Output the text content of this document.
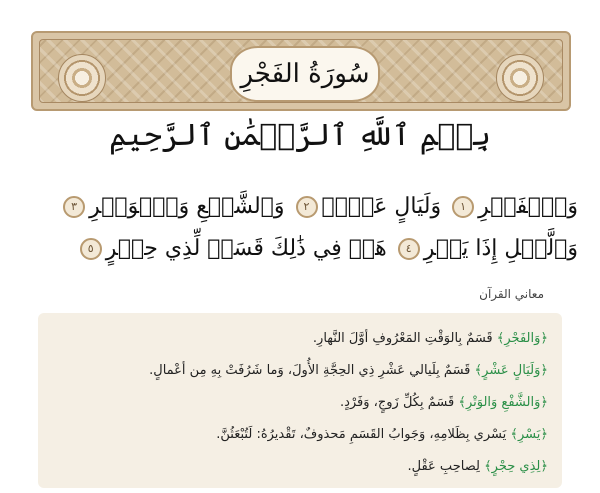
سُورَةُ الفَجْرِ
بِسۡمِ ٱللَّهِ ٱلرَّحۡمَٰنِ ٱلرَّحِيمِ
وَٱلۡفَجۡرِ١ وَلَيَالٍ عَشۡرٖ٢ وَٱلشَّفۡعِ وَٱلۡوَتۡرِ٣ وَٱلَّيۡلِ إِذَا يَسۡرِ٤ هَلۡ فِي ذَٰلِكَ قَسَمٞ لِّذِي حِجۡرٍ٥
معاني القرآن
﴿وَالفَجْرِ﴾ قَسَمٌ بِالوَقْتِ المَعْرُوفِ أوَّلَ النَّهارِ.
﴿وَلَيَالٍ عَشْرٍ﴾ قَسَمٌ بِلَيالي عَشْرِ ذِي الحِجَّةِ الأُولَ، وَما شَرُفَتْ بِهِ مِن أعْمالٍ.
﴿وَالشَّفْعِ وَالوَتْرِ﴾ قَسَمٌ بِكُلِّ زَوجٍ، وَفَرْدٍ.
﴿يَسْرِ﴾ يَسْري بِظَلامِهِ، وَجَوابُ القَسَمِ مَحذوفٌ، تَقْديرُهُ: لَتُبْعَثُنَّ.
﴿لِذِي حِجْرٍ﴾ لِصاحِبِ عَقْلٍ.
